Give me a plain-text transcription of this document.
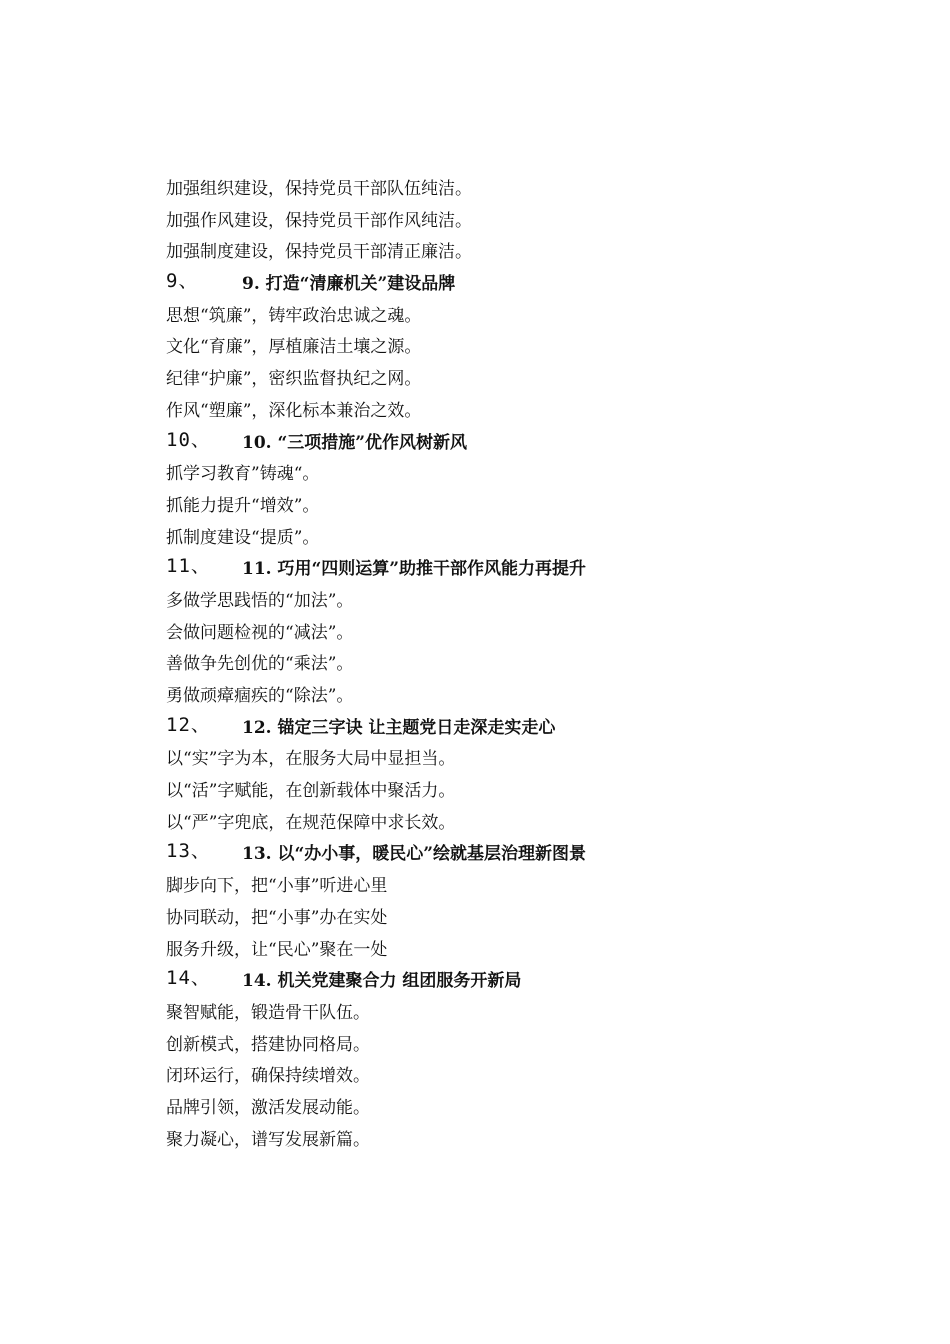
加强组织建设，保持党员干部队伍纯洁。
加强作风建设，保持党员干部作风纯洁。
加强制度建设，保持党员干部清正廉洁。
9、	9. 打造“清廉机关”建设品牌
思想“筑廉”，铸牢政治忠诚之魂。
文化“育廉”，厚植廉洁土壤之源。
纪律“护廉”，密织监督执纪之网。
作风“塑廉”，深化标本兼治之效。
10、 10. “三项措施”优作风树新风
抓学习教育”铸魂“。
抓能力提升“增效”。
抓制度建设“提质”。
11、 11. 巧用“四则运算”助推干部作风能力再提升
多做学思践悟的“加法”。
会做问题检视的“减法”。
善做争先创优的“乘法”。
勇做顽瘴痼疾的“除法”。
12、 12. 锚定三字诀 让主题党日走深走实走心
以“实”字为本，在服务大局中显担当。
以“活”字赋能，在创新载体中聚活力。
以“严”字兜底，在规范保障中求长效。
13、 13. 以“办小事，暖民心”绘就基层治理新图景
脚步向下，把“小事”听进心里
协同联动，把“小事”办在实处
服务升级，让“民心”聚在一处
14、 14. 机关党建聚合力 组团服务开新局
聚智赋能，锻造骨干队伍。
创新模式，搭建协同格局。
闭环运行，确保持续增效。
品牌引领，激活发展动能。
聚力凝心，谱写发展新篇。
